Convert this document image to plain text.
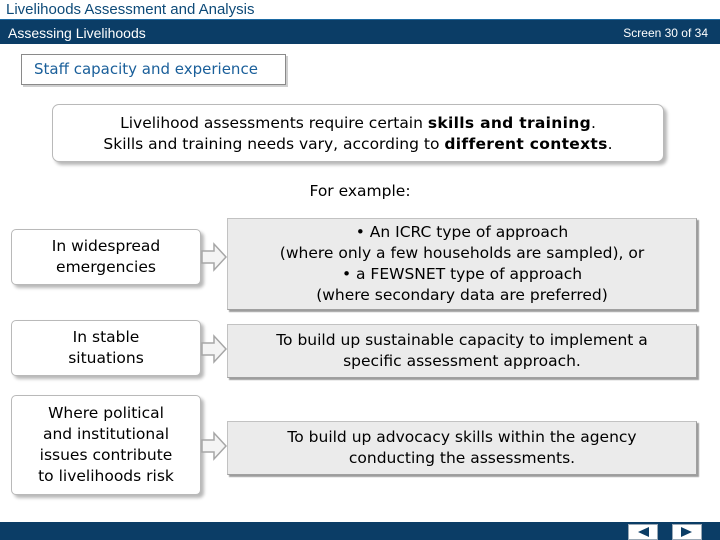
Livelihoods Assessment and Analysis
Assessing Livelihoods	Screen 30 of 34
Staff capacity and experience
Livelihood assessments require certain skills and training.
Skills and training needs vary, according to different contexts.
For example:
In widespread
emergencies
• An ICRC type of approach
(where only a few households are sampled), or
• a FEWSNET type of approach
(where secondary data are preferred)
In stable
situations
To build up sustainable capacity to implement a
specific assessment approach.
Where political
and institutional
issues contribute
to livelihoods risk
To build up advocacy skills within the agency
conducting the assessments.
